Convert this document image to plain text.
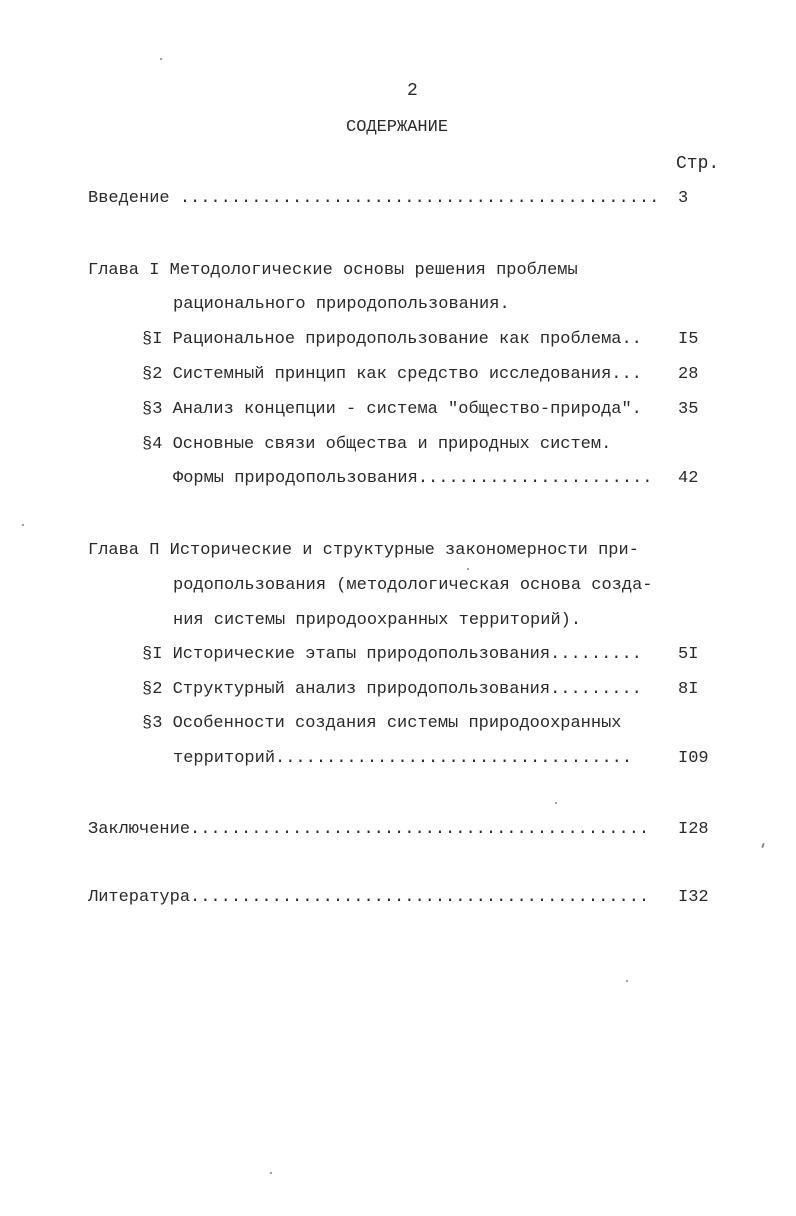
2
СОДЕРЖАНИЕ
Стр.
Введение ............................................... 3
Глава I Методологические основы решения проблемы
рационального природопользования.
§I Рациональное природопользование как проблема.. I5
§2 Системный принцип как средство исследования... 28
§3 Анализ концепции - система "общество-природа". 35
§4 Основные связи общества и природных систем.
Формы природопользования....................... 42
Глава П Исторические и структурные закономерности при-
родопользования (методологическая основа созда-
ния системы природоохранных территорий).
§I Исторические этапы природопользования......... 5I
§2 Структурный анализ природопользования......... 8I
§3 Особенности создания системы природоохранных
территорий...................................	I09
Заключение.............................................	I28
Литература.............................................	I32
